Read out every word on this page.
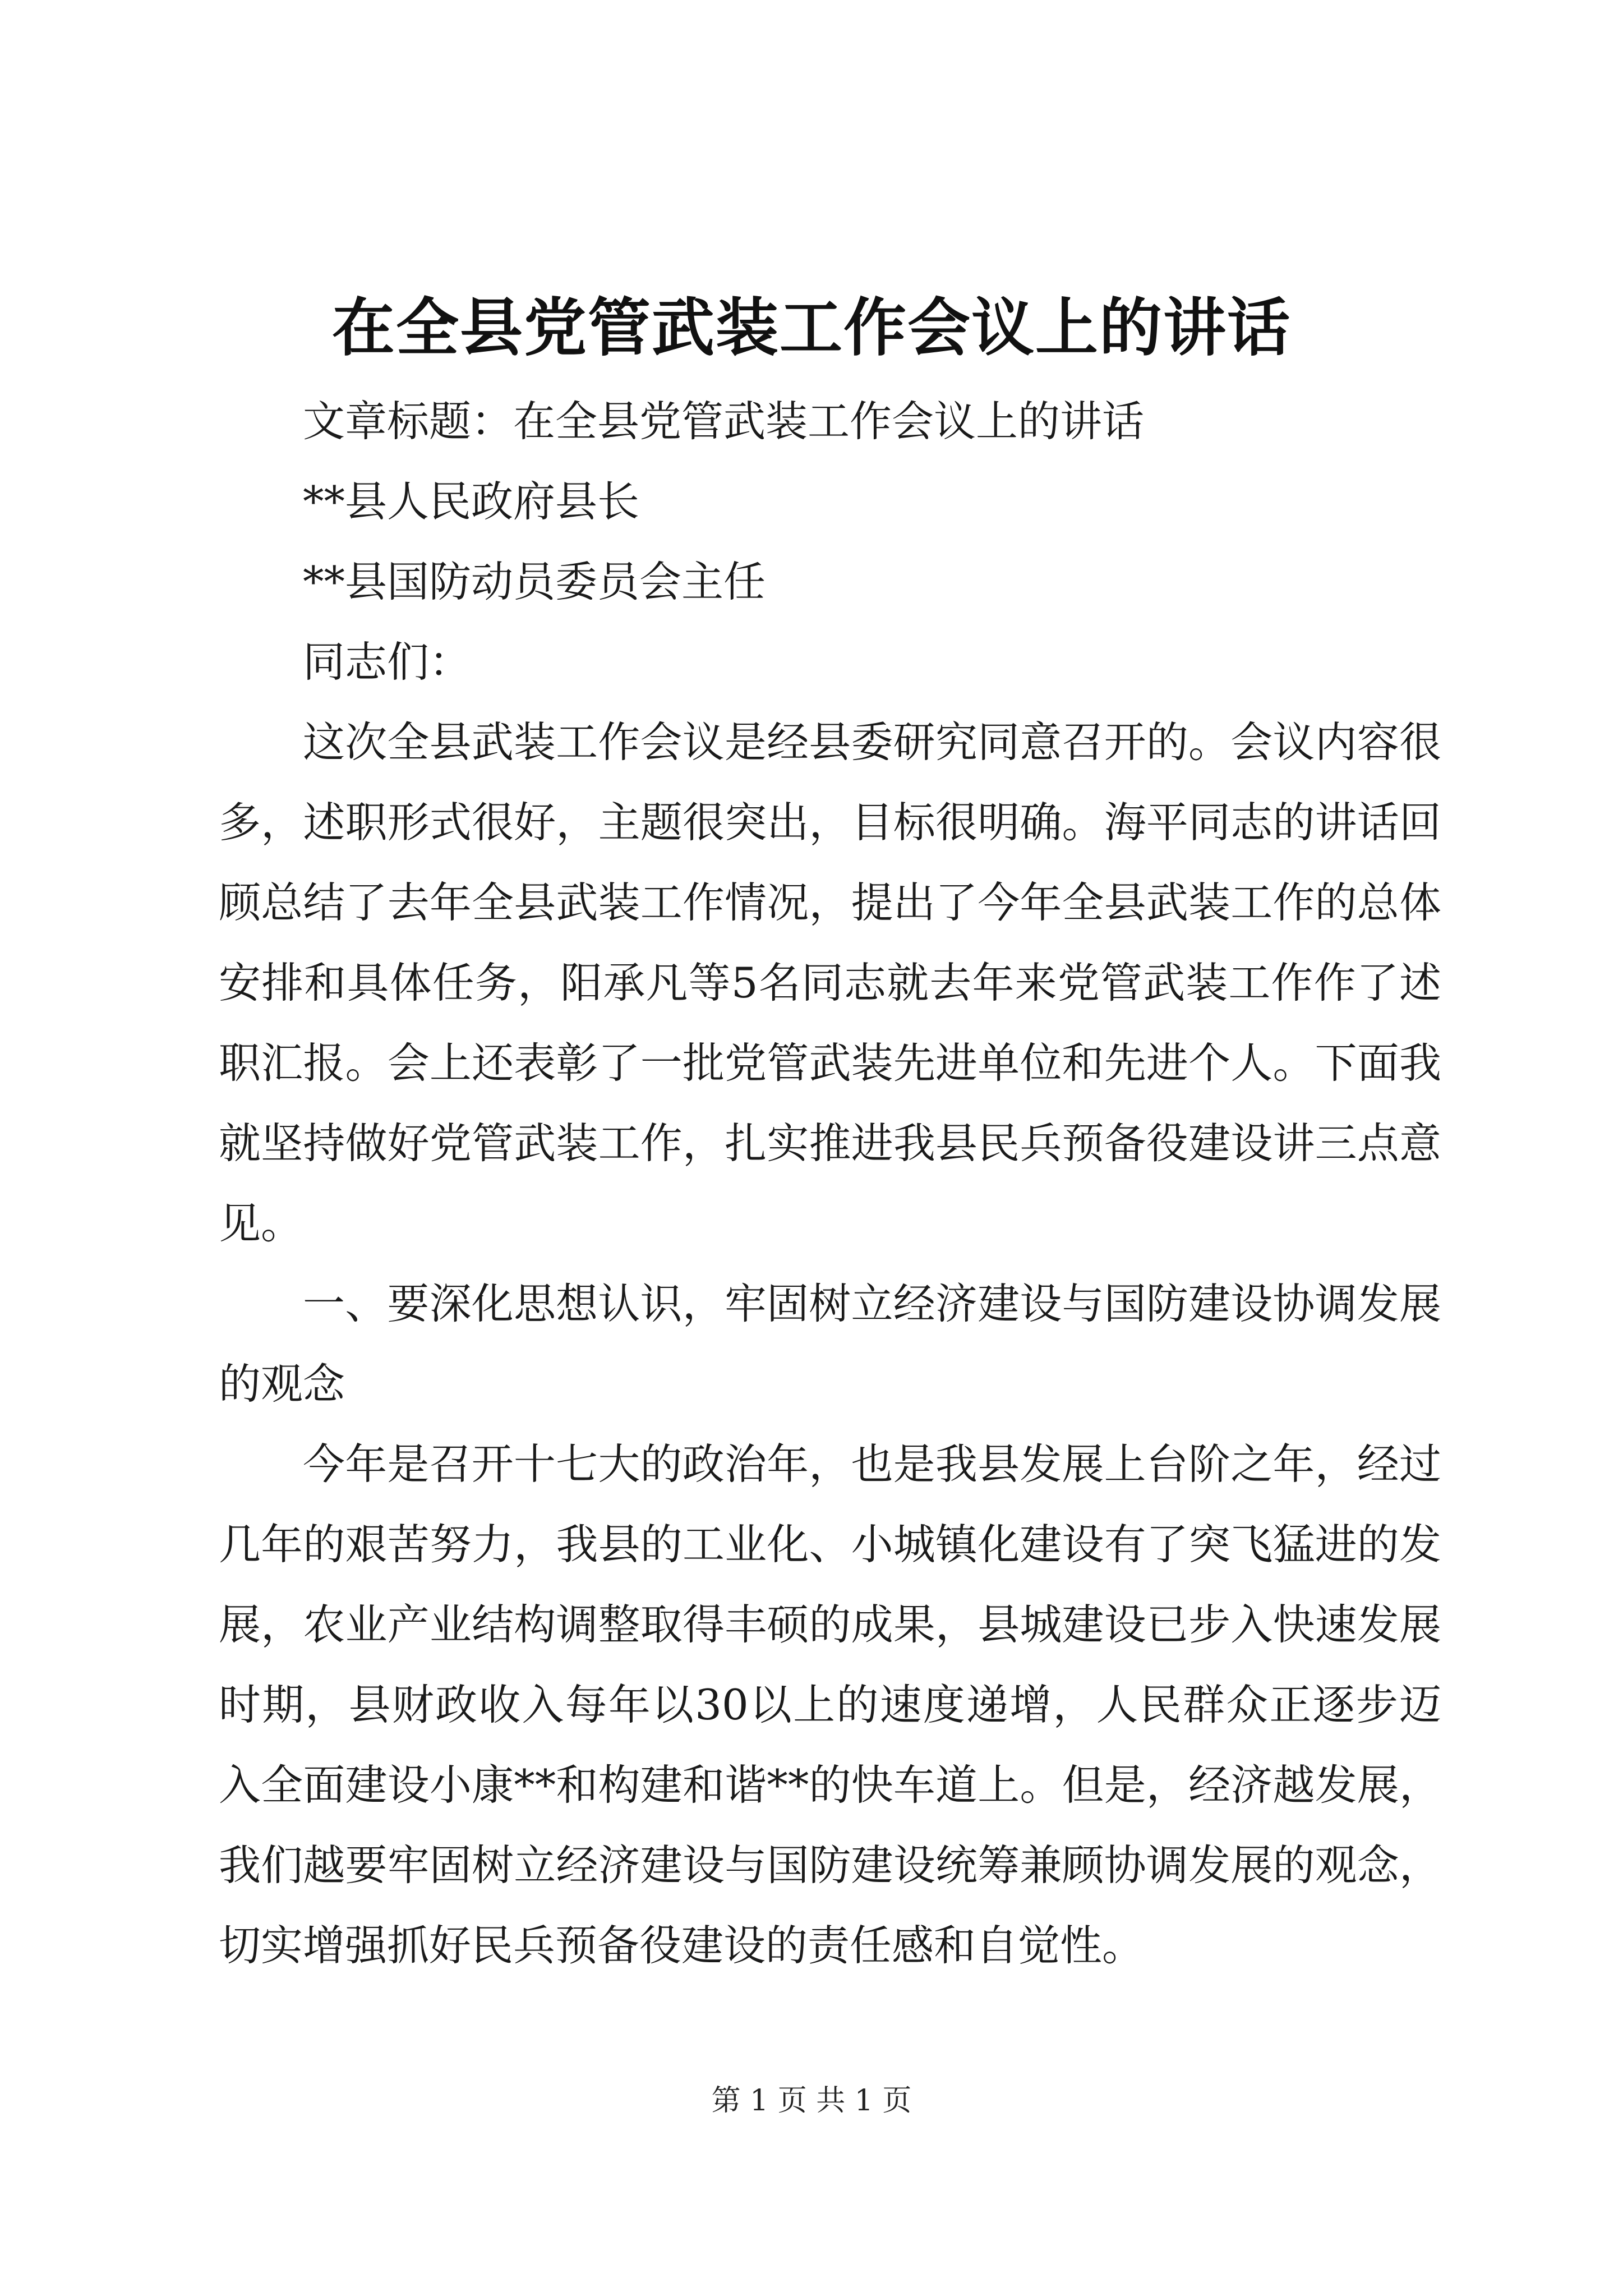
在全县党管武装工作会议上的讲话

文章标题：在全县党管武装工作会议上的讲话

**县人民政府县长

**县国防动员委员会主任

同志们：

这次全县武装工作会议是经县委研究同意召开的。会议内容很多，述职形式很好，主题很突出，目标很明确。海平同志的讲话回顾总结了去年全县武装工作情况，提出了今年全县武装工作的总体安排和具体任务，阳承凡等5名同志就去年来党管武装工作作了述职汇报。会上还表彰了一批党管武装先进单位和先进个人。下面我就坚持做好党管武装工作，扎实推进我县民兵预备役建设讲三点意见。

一、要深化思想认识，牢固树立经济建设与国防建设协调发展的观念

今年是召开十七大的政治年，也是我县发展上台阶之年，经过几年的艰苦努力，我县的工业化、小城镇化建设有了突飞猛进的发展，农业产业结构调整取得丰硕的成果，县城建设已步入快速发展时期，县财政收入每年以30以上的速度递增，人民群众正逐步迈入全面建设小康**和构建和谐**的快车道上。但是，经济越发展，我们越要牢固树立经济建设与国防建设统筹兼顾协调发展的观念，切实增强抓好民兵预备役建设的责任感和自觉性。

第 1 页 共 1 页
